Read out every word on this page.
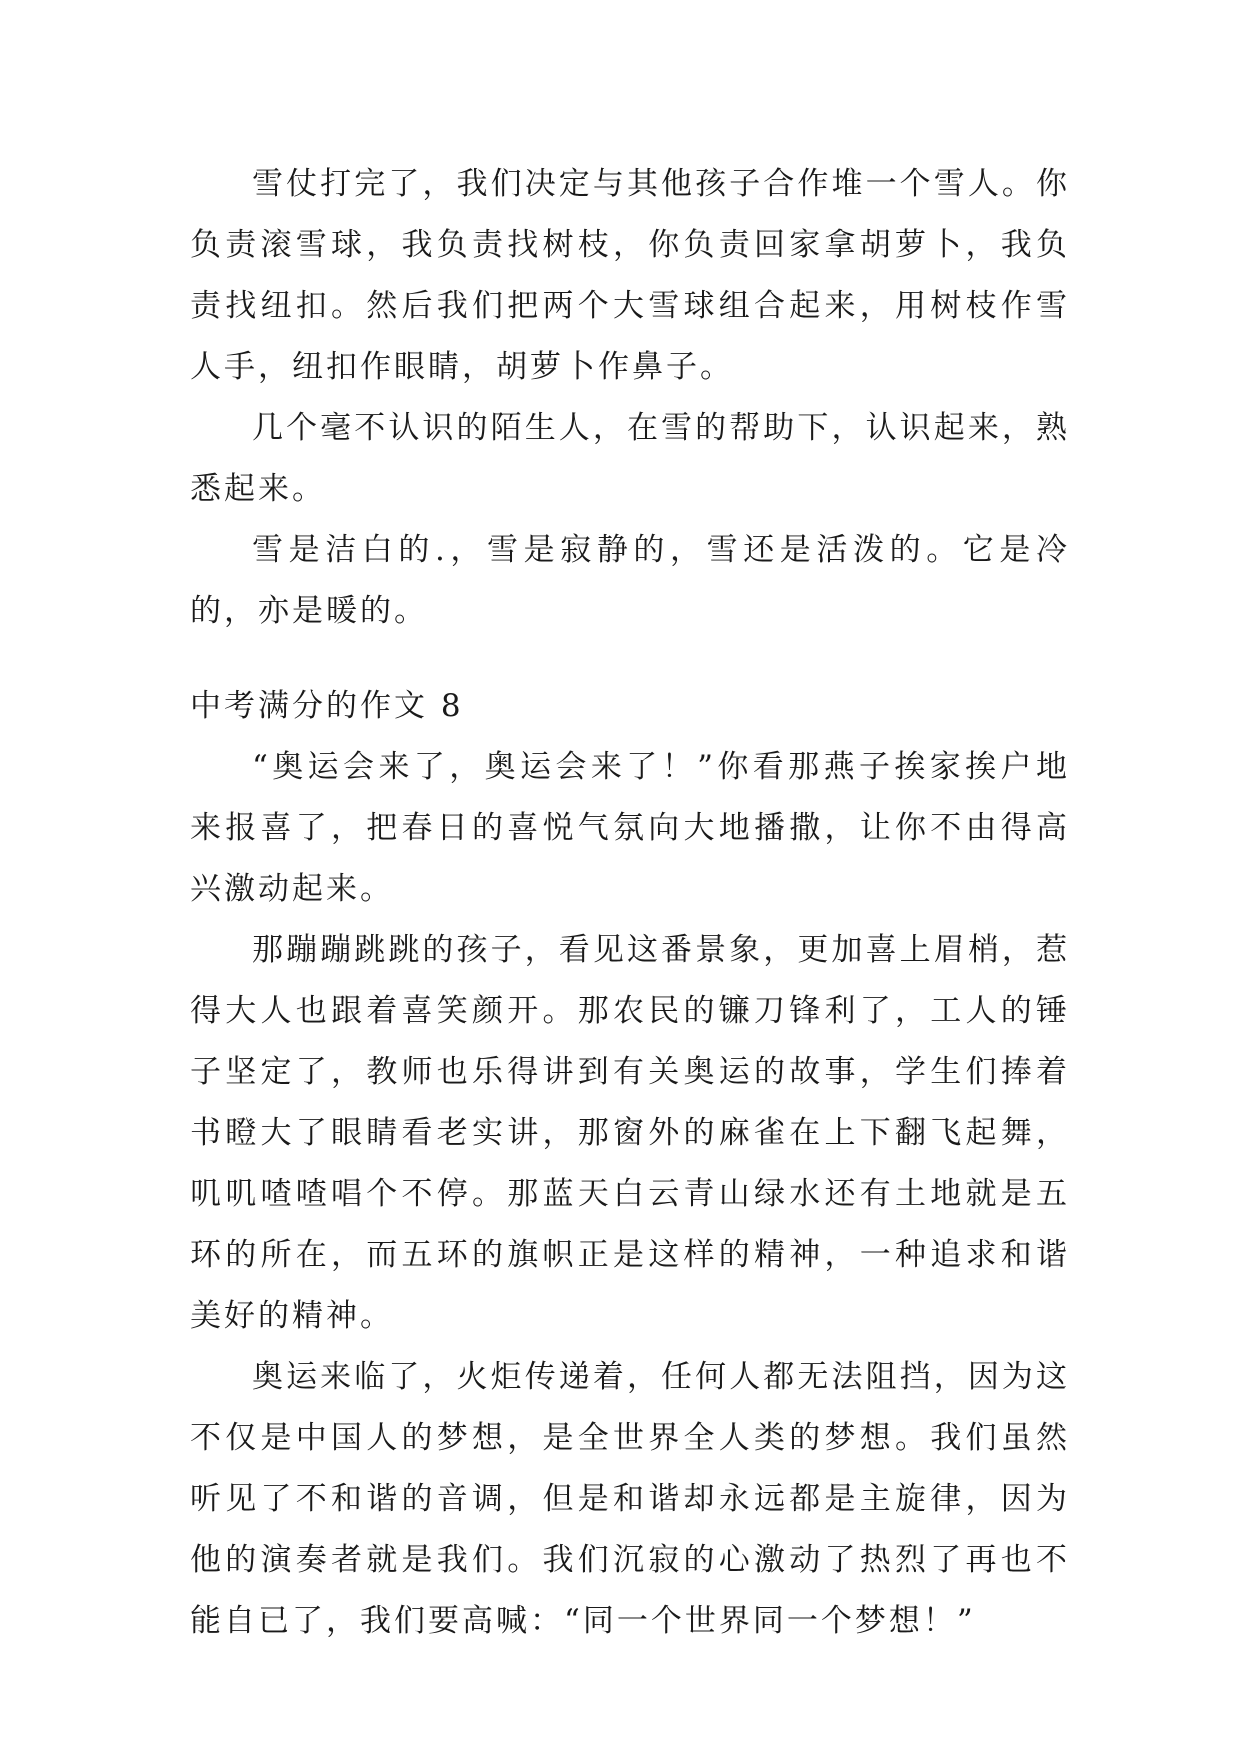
雪仗打完了，我们决定与其他孩子合作堆一个雪人。你负责滚雪球，我负责找树枝，你负责回家拿胡萝卜，我负责找纽扣。然后我们把两个大雪球组合起来，用树枝作雪人手，纽扣作眼睛，胡萝卜作鼻子。

几个毫不认识的陌生人，在雪的帮助下，认识起来，熟悉起来。

雪是洁白的.，雪是寂静的，雪还是活泼的。它是冷的，亦是暖的。

中考满分的作文 8

“奥运会来了，奥运会来了！”你看那燕子挨家挨户地来报喜了，把春日的喜悦气氛向大地播撒，让你不由得高兴激动起来。

那蹦蹦跳跳的孩子，看见这番景象，更加喜上眉梢，惹得大人也跟着喜笑颜开。那农民的镰刀锋利了，工人的锤子坚定了，教师也乐得讲到有关奥运的故事，学生们捧着书瞪大了眼睛看老实讲，那窗外的麻雀在上下翻飞起舞，叽叽喳喳唱个不停。那蓝天白云青山绿水还有土地就是五环的所在，而五环的旗帜正是这样的精神，一种追求和谐美好的精神。

奥运来临了，火炬传递着，任何人都无法阻挡，因为这不仅是中国人的梦想，是全世界全人类的梦想。我们虽然听见了不和谐的音调，但是和谐却永远都是主旋律，因为他的演奏者就是我们。我们沉寂的心激动了热烈了再也不能自已了，我们要高喊：“同一个世界同一个梦想！”
